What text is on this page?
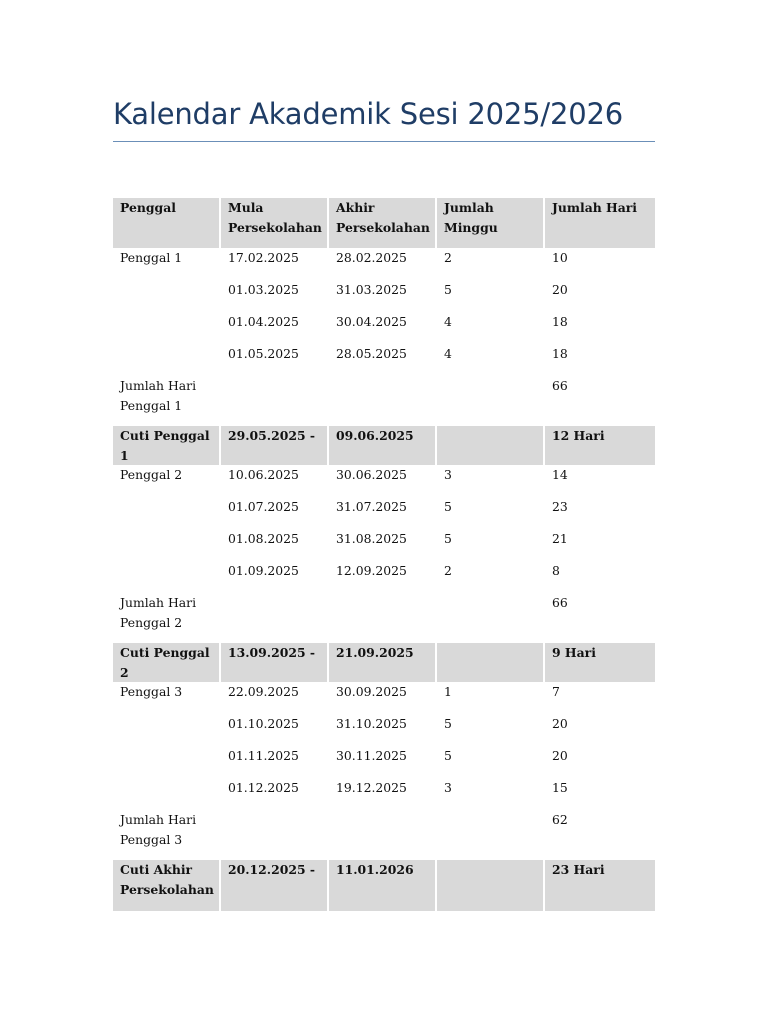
Kalendar Akademik Sesi 2025/2026
Penggal	Mula Persekolahan	Akhir Persekolahan	Jumlah Minggu	Jumlah Hari
Penggal 1	17.02.2025	28.02.2025	2	10
	01.03.2025	31.03.2025	5	20
	01.04.2025	30.04.2025	4	18
	01.05.2025	28.05.2025	4	18
Jumlah Hari Penggal 1				66
Cuti Penggal 1	29.05.2025 -	09.06.2025		12 Hari
Penggal 2	10.06.2025	30.06.2025	3	14
	01.07.2025	31.07.2025	5	23
	01.08.2025	31.08.2025	5	21
	01.09.2025	12.09.2025	2	8
Jumlah Hari Penggal 2				66
Cuti Penggal 2	13.09.2025 -	21.09.2025		9 Hari
Penggal 3	22.09.2025	30.09.2025	1	7
	01.10.2025	31.10.2025	5	20
	01.11.2025	30.11.2025	5	20
	01.12.2025	19.12.2025	3	15
Jumlah Hari Penggal 3				62
Cuti Akhir Persekolahan	20.12.2025 -	11.01.2026		23 Hari
